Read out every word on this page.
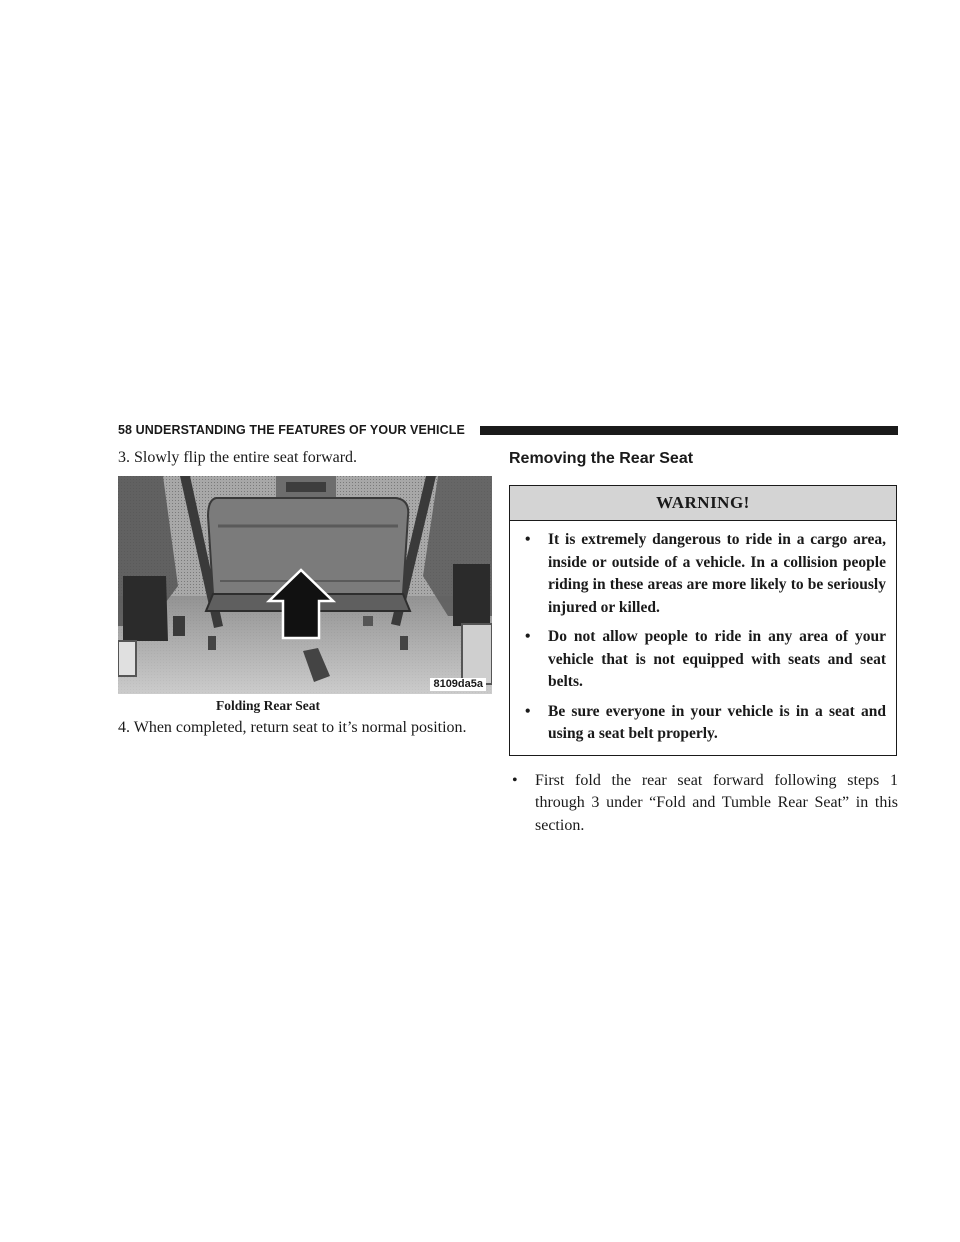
58 UNDERSTANDING THE FEATURES OF YOUR VEHICLE

3. Slowly flip the entire seat forward.

8109da5a
Folding Rear Seat

4. When completed, return seat to it’s normal position.

Removing the Rear Seat
WARNING!
• It is extremely dangerous to ride in a cargo area, inside or outside of a vehicle. In a collision people riding in these areas are more likely to be seriously injured or killed.
• Do not allow people to ride in any area of your vehicle that is not equipped with seats and seat belts.
• Be sure everyone in your vehicle is in a seat and using a seat belt properly.
• First fold the rear seat forward following steps 1 through 3 under “Fold and Tumble Rear Seat” in this section.
